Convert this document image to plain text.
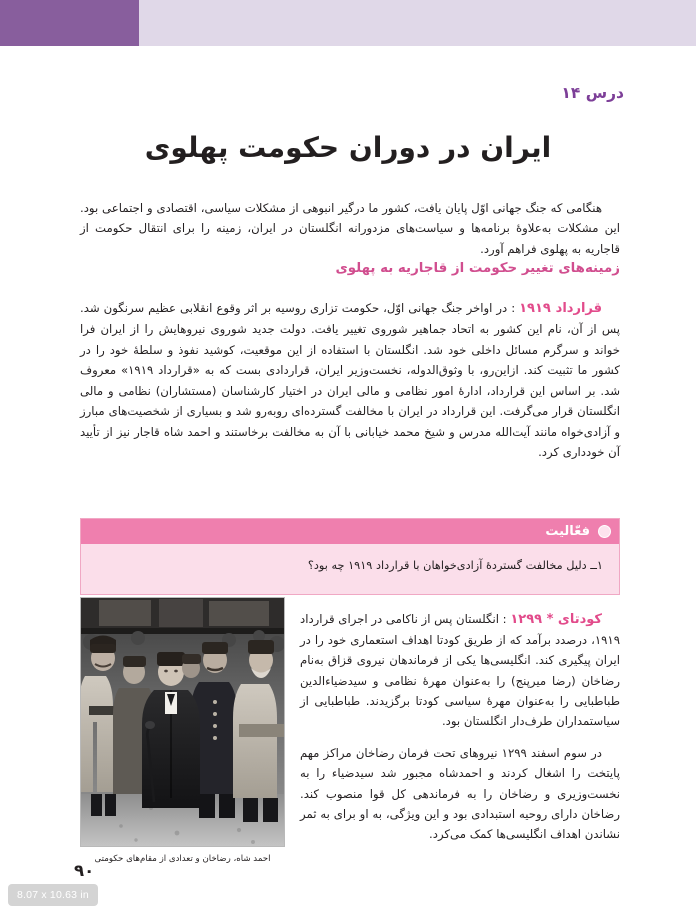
درس ۱۴
ایران در دوران حکومت پهلوی

هنگامی که جنگ جهانی اوّل پایان یافت، کشور ما درگیر انبوهی از مشکلات سیاسی، اقتصادی و اجتماعی بود. این مشکلات به‌علاوهٔ برنامه‌ها و سیاست‌های مزدورانه انگلستان در ایران، زمینه را برای انتقال حکومت از قاجاریه به پهلوی فراهم آورد.

زمینه‌های تغییر حکومت از قاجاریه به پهلوی

قرارداد ۱۹۱۹ : در اواخر جنگ جهانی اوّل، حکومت تزاری روسیه بر اثر وقوع انقلابی عظیم سرنگون شد. پس از آن، نام این کشور به اتحاد جماهیر شوروی تغییر یافت. دولت جدید شوروی نیروهایش را از ایران فرا خواند و سرگرم مسائل داخلی خود شد. انگلستان با استفاده از این موقعیت، کوشید نفوذ و سلطهٔ خود را در کشور ما تثبیت کند. ازاین‌رو، با وثوق‌الدوله، نخست‌وزیر ایران، قراردادی بست که به «قرارداد ۱۹۱۹» معروف شد. بر اساس این قرارداد، ادارهٔ امور نظامی و مالی ایران در اختیار کارشناسان (مستشاران) نظامی و مالی انگلستان قرار می‌گرفت. این قرارداد در ایران با مخالفت گسترده‌ای روبه‌رو شد و بسیاری از شخصیت‌های مبارز و آزادی‌خواه مانند آیت‌الله مدرس و شیخ محمد خیابانی با آن به مخالفت برخاستند و احمد شاه قاجار نیز از تأیید آن خودداری کرد.

فعّالیت
۱ــ دلیل مخالفت گستردهٔ آزادی‌خواهان با قرارداد ۱۹۱۹ چه بود؟

کودتای * ۱۲۹۹ : انگلستان پس از ناکامی در اجرای قرارداد ۱۹۱۹، درصدد برآمد که از طریق کودتا اهداف استعماری خود را در ایران پیگیری کند. انگلیسی‌ها یکی از فرماندهان نیروی قزاق به‌نام رضاخان (رضا میرپنج) را به‌عنوان مهرهٔ نظامی و سیدضیاءالدین طباطبایی را به‌عنوان مهرهٔ سیاسی کودتا برگزیدند. طباطبایی از سیاستمداران طرف‌دار انگلستان بود.

در سوم اسفند ۱۲۹۹ نیروهای تحت فرمان رضاخان مراکز مهم پایتخت را اشغال کردند و احمدشاه مجبور شد سیدضیاء را به نخست‌وزیری و رضاخان را به فرماندهی کل قوا منصوب کند. رضاخان دارای روحیه استبدادی بود و این ویژگی، به او برای به ثمر نشاندن اهداف انگلیسی‌ها کمک می‌کرد.

احمد شاه، رضاخان و تعدادی از مقام‌های حکومتی
۹۰
8.07 x 10.63 in
